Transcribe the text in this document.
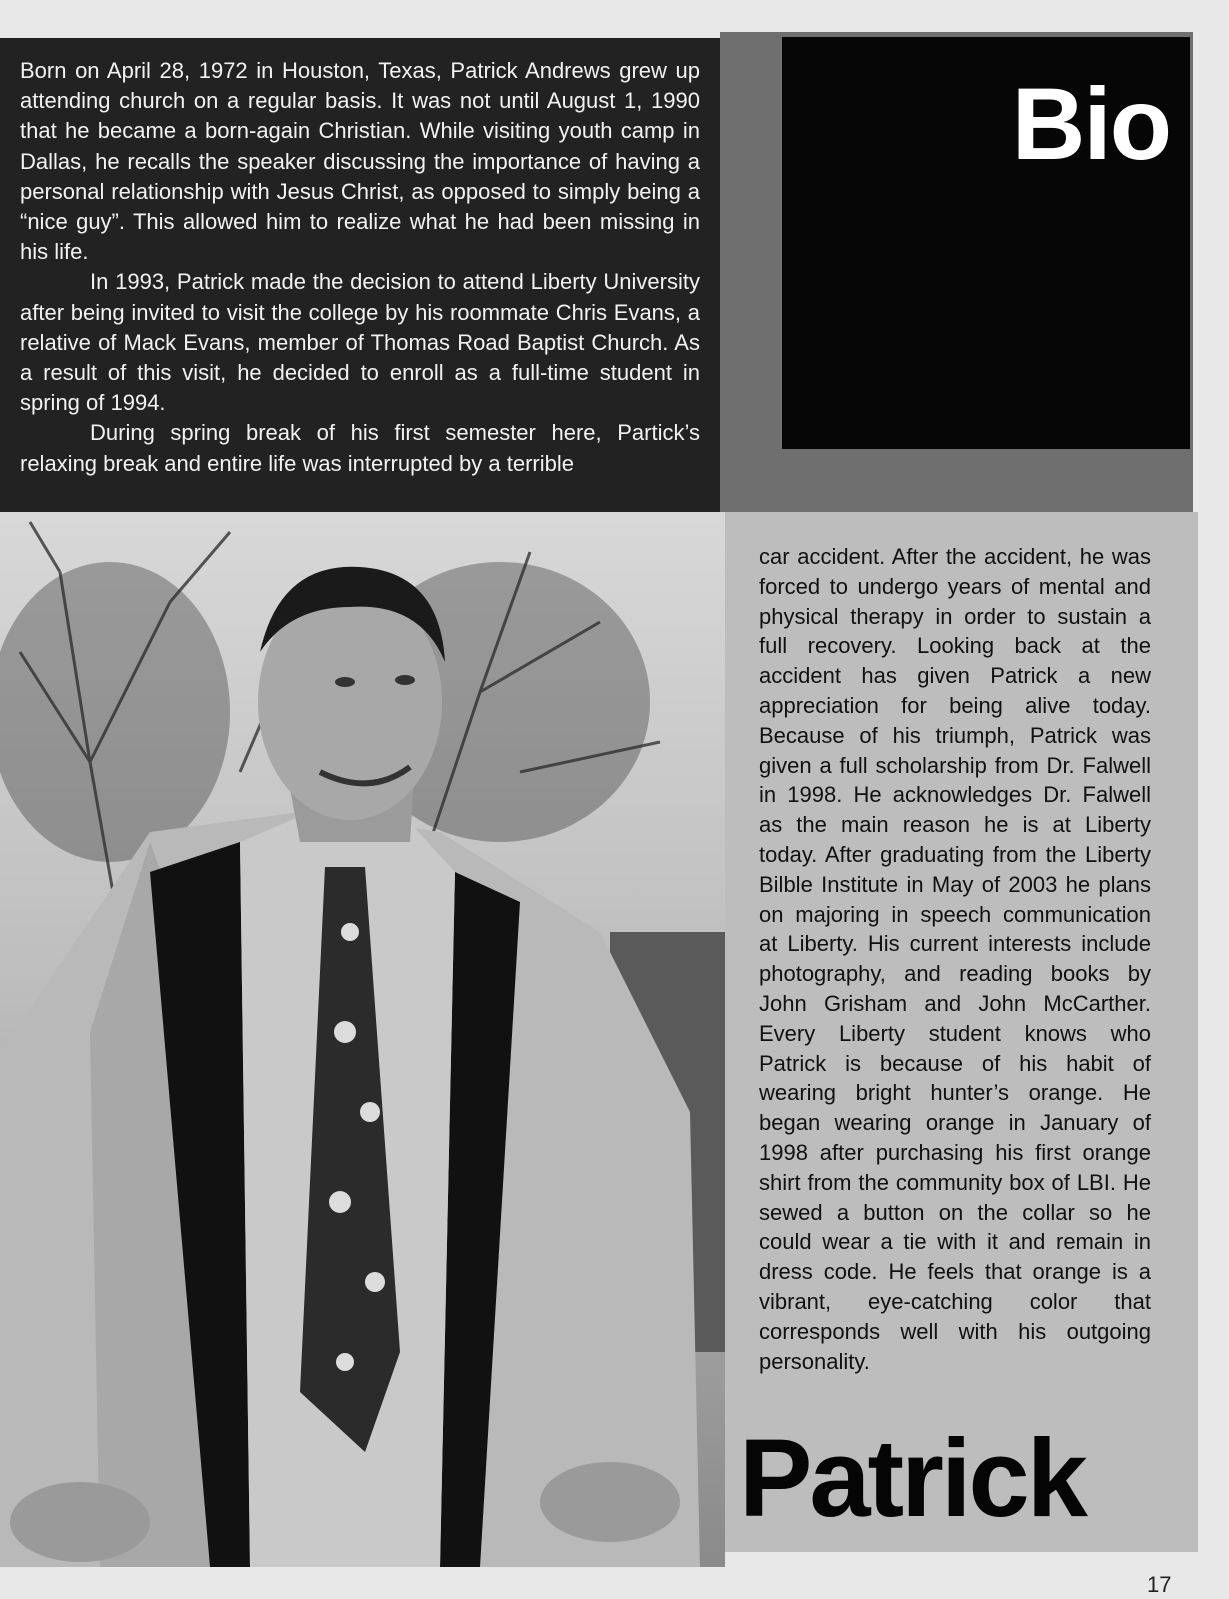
Born on April 28, 1972 in Houston, Texas, Patrick Andrews grew up attending church on a regular basis. It was not until August 1, 1990 that he became a born-again Christian. While visiting youth camp in Dallas, he recalls the speaker discussing the importance of having a personal relationship with Jesus Christ, as opposed to simply being a “nice guy”. This allowed him to realize what he had been missing in his life.

In 1993, Patrick made the decision to attend Liberty University after being invited to visit the college by his roommate Chris Evans, a relative of Mack Evans, member of Thomas Road Baptist Church. As a result of this visit, he decided to enroll as a full-time student in spring of 1994.

During spring break of his first semester here, Partick’s relaxing break and entire life was interrupted by a terrible

Bio

car accident. After the accident, he was forced to undergo years of mental and physical therapy in order to sustain a full recovery. Looking back at the accident has given Patrick a new appreciation for being alive today. Because of his triumph, Patrick was given a full scholarship from Dr. Falwell in 1998. He acknowledges Dr. Falwell as the main reason he is at Liberty today. After graduating from the Liberty Bilble Institute in May of 2003 he plans on majoring in speech communication at Liberty. His current interests include photography, and reading books by John Grisham and John McCarther. Every Liberty student knows who Patrick is because of his habit of wearing bright hunter’s orange. He began wearing orange in January of 1998 after purchasing his first orange shirt from the community box of LBI. He sewed a button on the collar so he could wear a tie with it and remain in dress code. He feels that orange is a vibrant, eye-catching color that corresponds well with his outgoing personality.

Patrick
17
